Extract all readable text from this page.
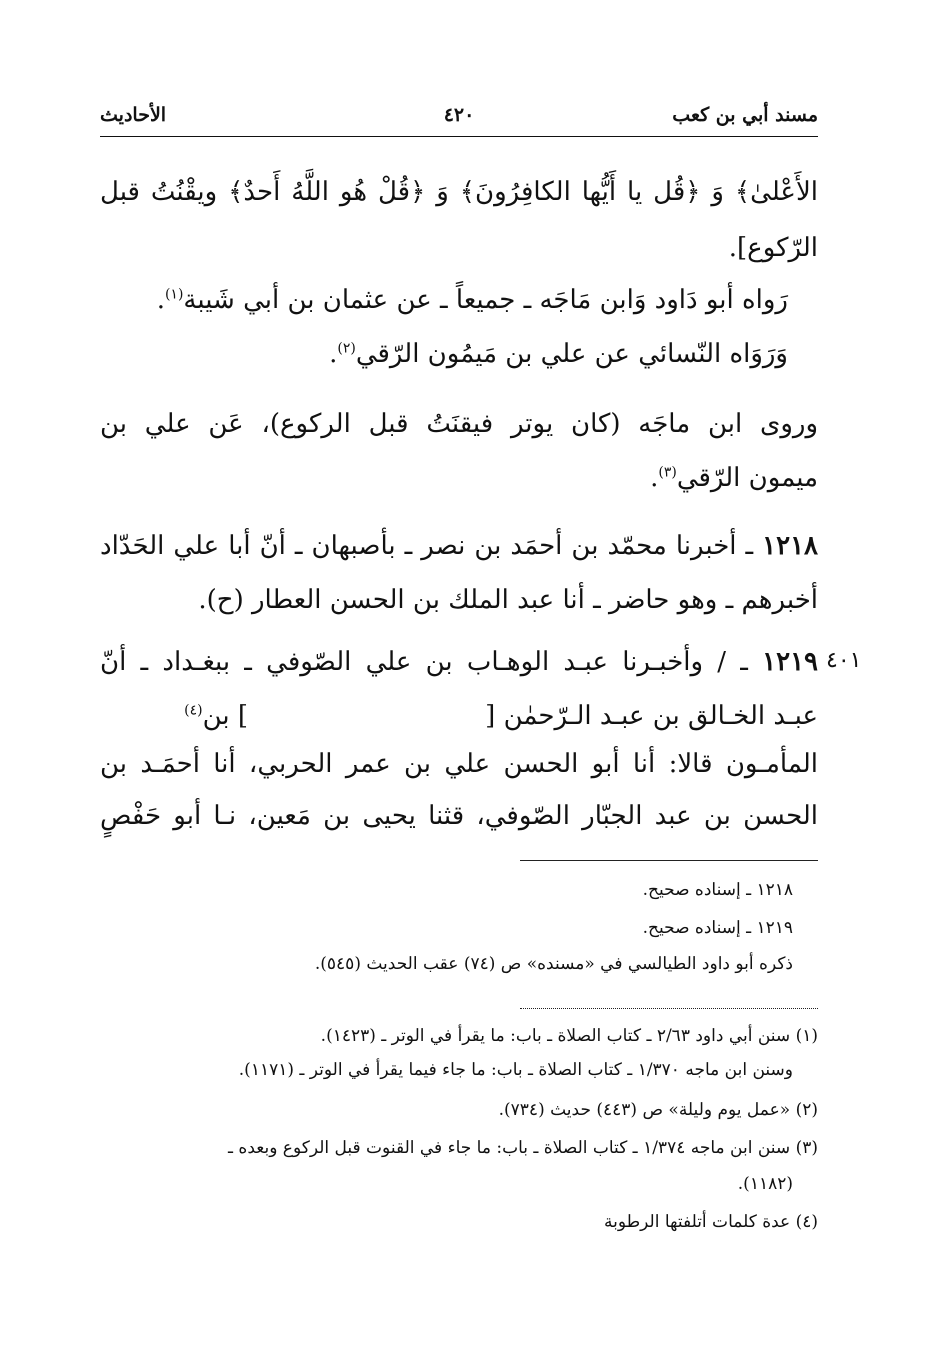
مسند أبي بن كعب
٤٢٠
الأحاديث
الأَعْلىٰ﴾ وَ ﴿قُل يا أَيُّها الكافِرُونَ﴾ وَ ﴿قُلْ هُو اللَّهُ أَحدٌ﴾ ويقْنُتُ قبل
الرّكوع].
رَواه أبو دَاود وَابن مَاجَه ـ جميعاً ـ عن عثمان بن أبي شَيبة$^{(١)}$.
وَرَوَاه النّسائي عن علي بن مَيمُون الرّقي$^{(٢)}$.
وروى ابن ماجَه (كان يوتر فيقنَتُ قبل الركوع)، عَن علي بن
ميمون الرّقي$^{(٣)}$.
١٢١٨ ـ أخبرنا محمّد بن أحمَد بن نصر ـ بأصبهان ـ أنّ أبا علي الحَدّاد
أخبرهم ـ وهو حاضر ـ أنا عبد الملك بن الحسن العطار (ح).
٤٠١
١٢١٩ ـ / وأخبـرنا عبـد الوهـاب بن علي الصّوفي ـ ببغـداد ـ أنّ
عبـد الخـالق بن عبـد الـرّحمٰن [
] بن$^{(٤)}$
المأمـون قالا: أنا أبو الحسن علي بن عمر الحربي، أنا أحمَـد بن
الحسن بن عبد الجبّار الصّوفي، قثنا يحيى بن مَعين، نـا أبو حَفْصٍ
١٢١٨ ـ إسناده صحيح.
١٢١٩ ـ إسناده صحيح.
ذكره أبو داود الطيالسي في «مسنده» ص (٧٤) عقب الحديث (٥٤٥).
(١) سنن أبي داود ٢/٦٣ ـ كتاب الصلاة ـ باب: ما يقرأ في الوتر ـ (١٤٢٣).
وسنن ابن ماجه ١/٣٧٠ ـ كتاب الصلاة ـ باب: ما جاء فيما يقرأ في الوتر ـ (١١٧١).
(٢) «عمل يوم وليلة» ص (٤٤٣) حديث (٧٣٤).
(٣) سنن ابن ماجه ١/٣٧٤ ـ كتاب الصلاة ـ باب: ما جاء في القنوت قبل الركوع وبعده ـ
(١١٨٢).
(٤) عدة كلمات أتلفتها الرطوبة
